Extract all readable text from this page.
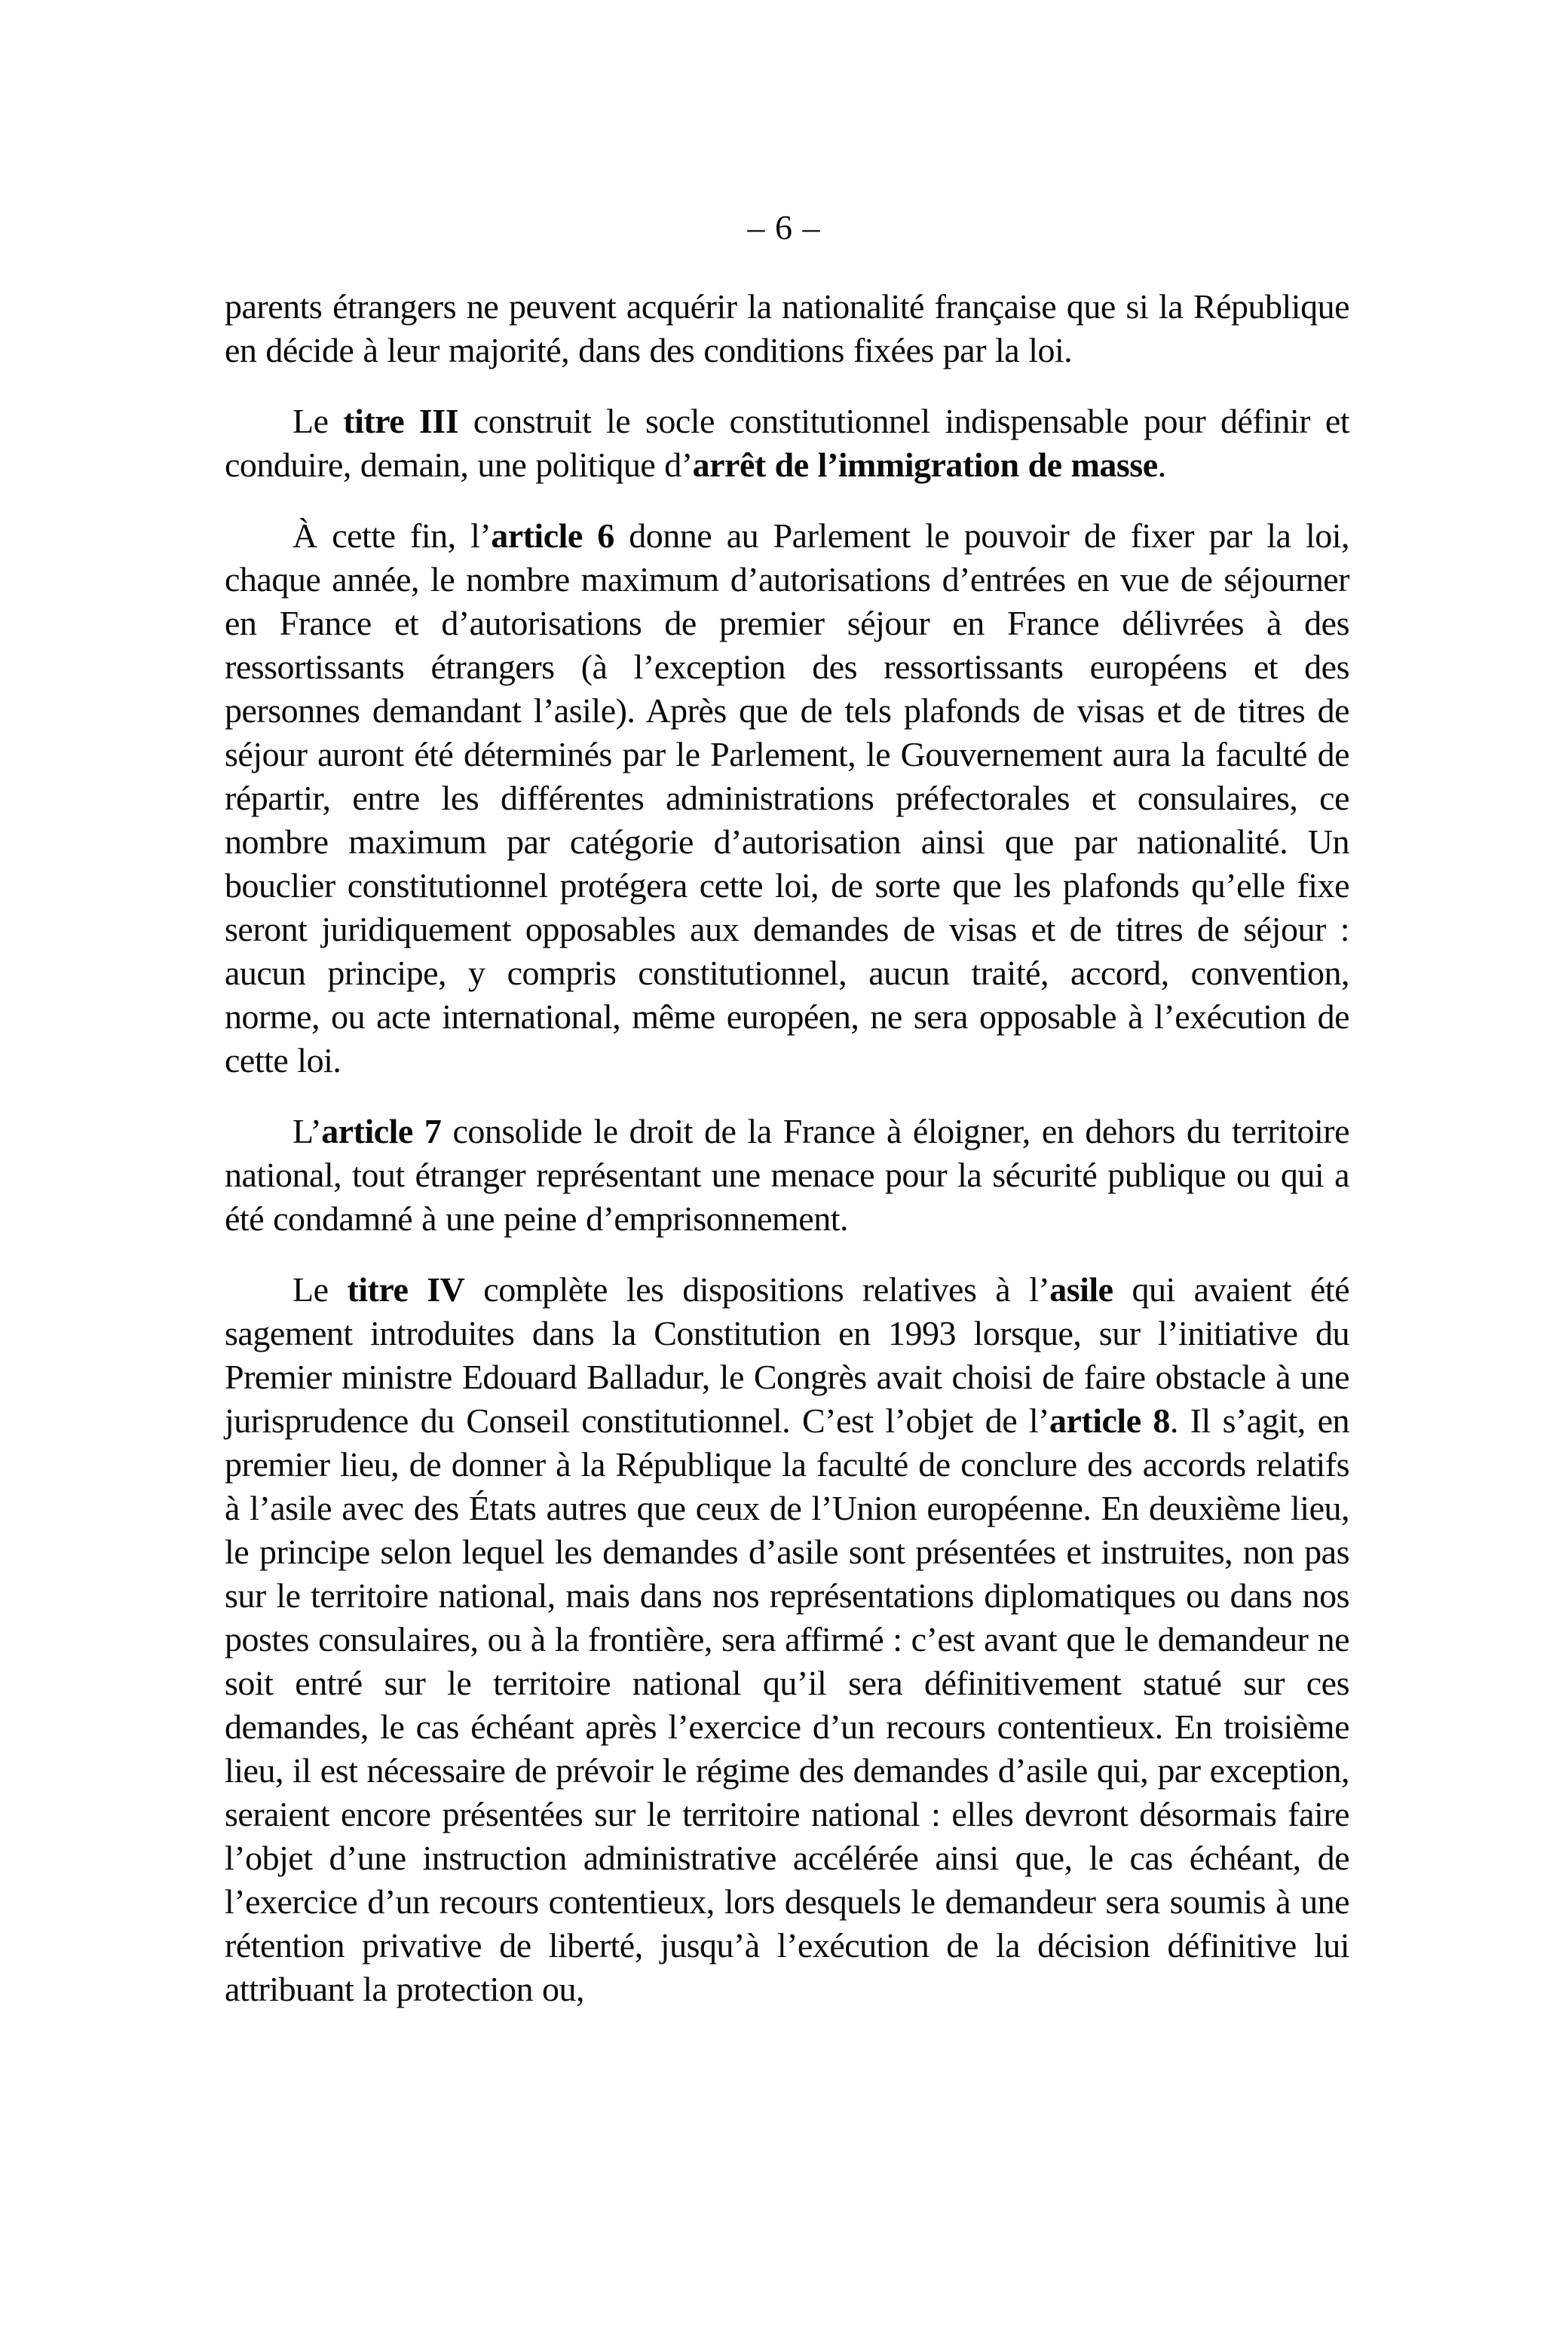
– 6 –

parents étrangers ne peuvent acquérir la nationalité française que si la République en décide à leur majorité, dans des conditions fixées par la loi.

Le titre III construit le socle constitutionnel indispensable pour définir et conduire, demain, une politique d’arrêt de l’immigration de masse.

À cette fin, l’article 6 donne au Parlement le pouvoir de fixer par la loi, chaque année, le nombre maximum d’autorisations d’entrées en vue de séjourner en France et d’autorisations de premier séjour en France délivrées à des ressortissants étrangers (à l’exception des ressortissants européens et des personnes demandant l’asile). Après que de tels plafonds de visas et de titres de séjour auront été déterminés par le Parlement, le Gouvernement aura la faculté de répartir, entre les différentes administrations préfectorales et consulaires, ce nombre maximum par catégorie d’autorisation ainsi que par nationalité. Un bouclier constitutionnel protégera cette loi, de sorte que les plafonds qu’elle fixe seront juridiquement opposables aux demandes de visas et de titres de séjour : aucun principe, y compris constitutionnel, aucun traité, accord, convention, norme, ou acte international, même européen, ne sera opposable à l’exécution de cette loi.

L’article 7 consolide le droit de la France à éloigner, en dehors du territoire national, tout étranger représentant une menace pour la sécurité publique ou qui a été condamné à une peine d’emprisonnement.

Le titre IV complète les dispositions relatives à l’asile qui avaient été sagement introduites dans la Constitution en 1993 lorsque, sur l’initiative du Premier ministre Edouard Balladur, le Congrès avait choisi de faire obstacle à une jurisprudence du Conseil constitutionnel. C’est l’objet de l’article 8. Il s’agit, en premier lieu, de donner à la République la faculté de conclure des accords relatifs à l’asile avec des États autres que ceux de l’Union européenne. En deuxième lieu, le principe selon lequel les demandes d’asile sont présentées et instruites, non pas sur le territoire national, mais dans nos représentations diplomatiques ou dans nos postes consulaires, ou à la frontière, sera affirmé : c’est avant que le demandeur ne soit entré sur le territoire national qu’il sera définitivement statué sur ces demandes, le cas échéant après l’exercice d’un recours contentieux. En troisième lieu, il est nécessaire de prévoir le régime des demandes d’asile qui, par exception, seraient encore présentées sur le territoire national : elles devront désormais faire l’objet d’une instruction administrative accélérée ainsi que, le cas échéant, de l’exercice d’un recours contentieux, lors desquels le demandeur sera soumis à une rétention privative de liberté, jusqu’à l’exécution de la décision définitive lui attribuant la protection ou,
